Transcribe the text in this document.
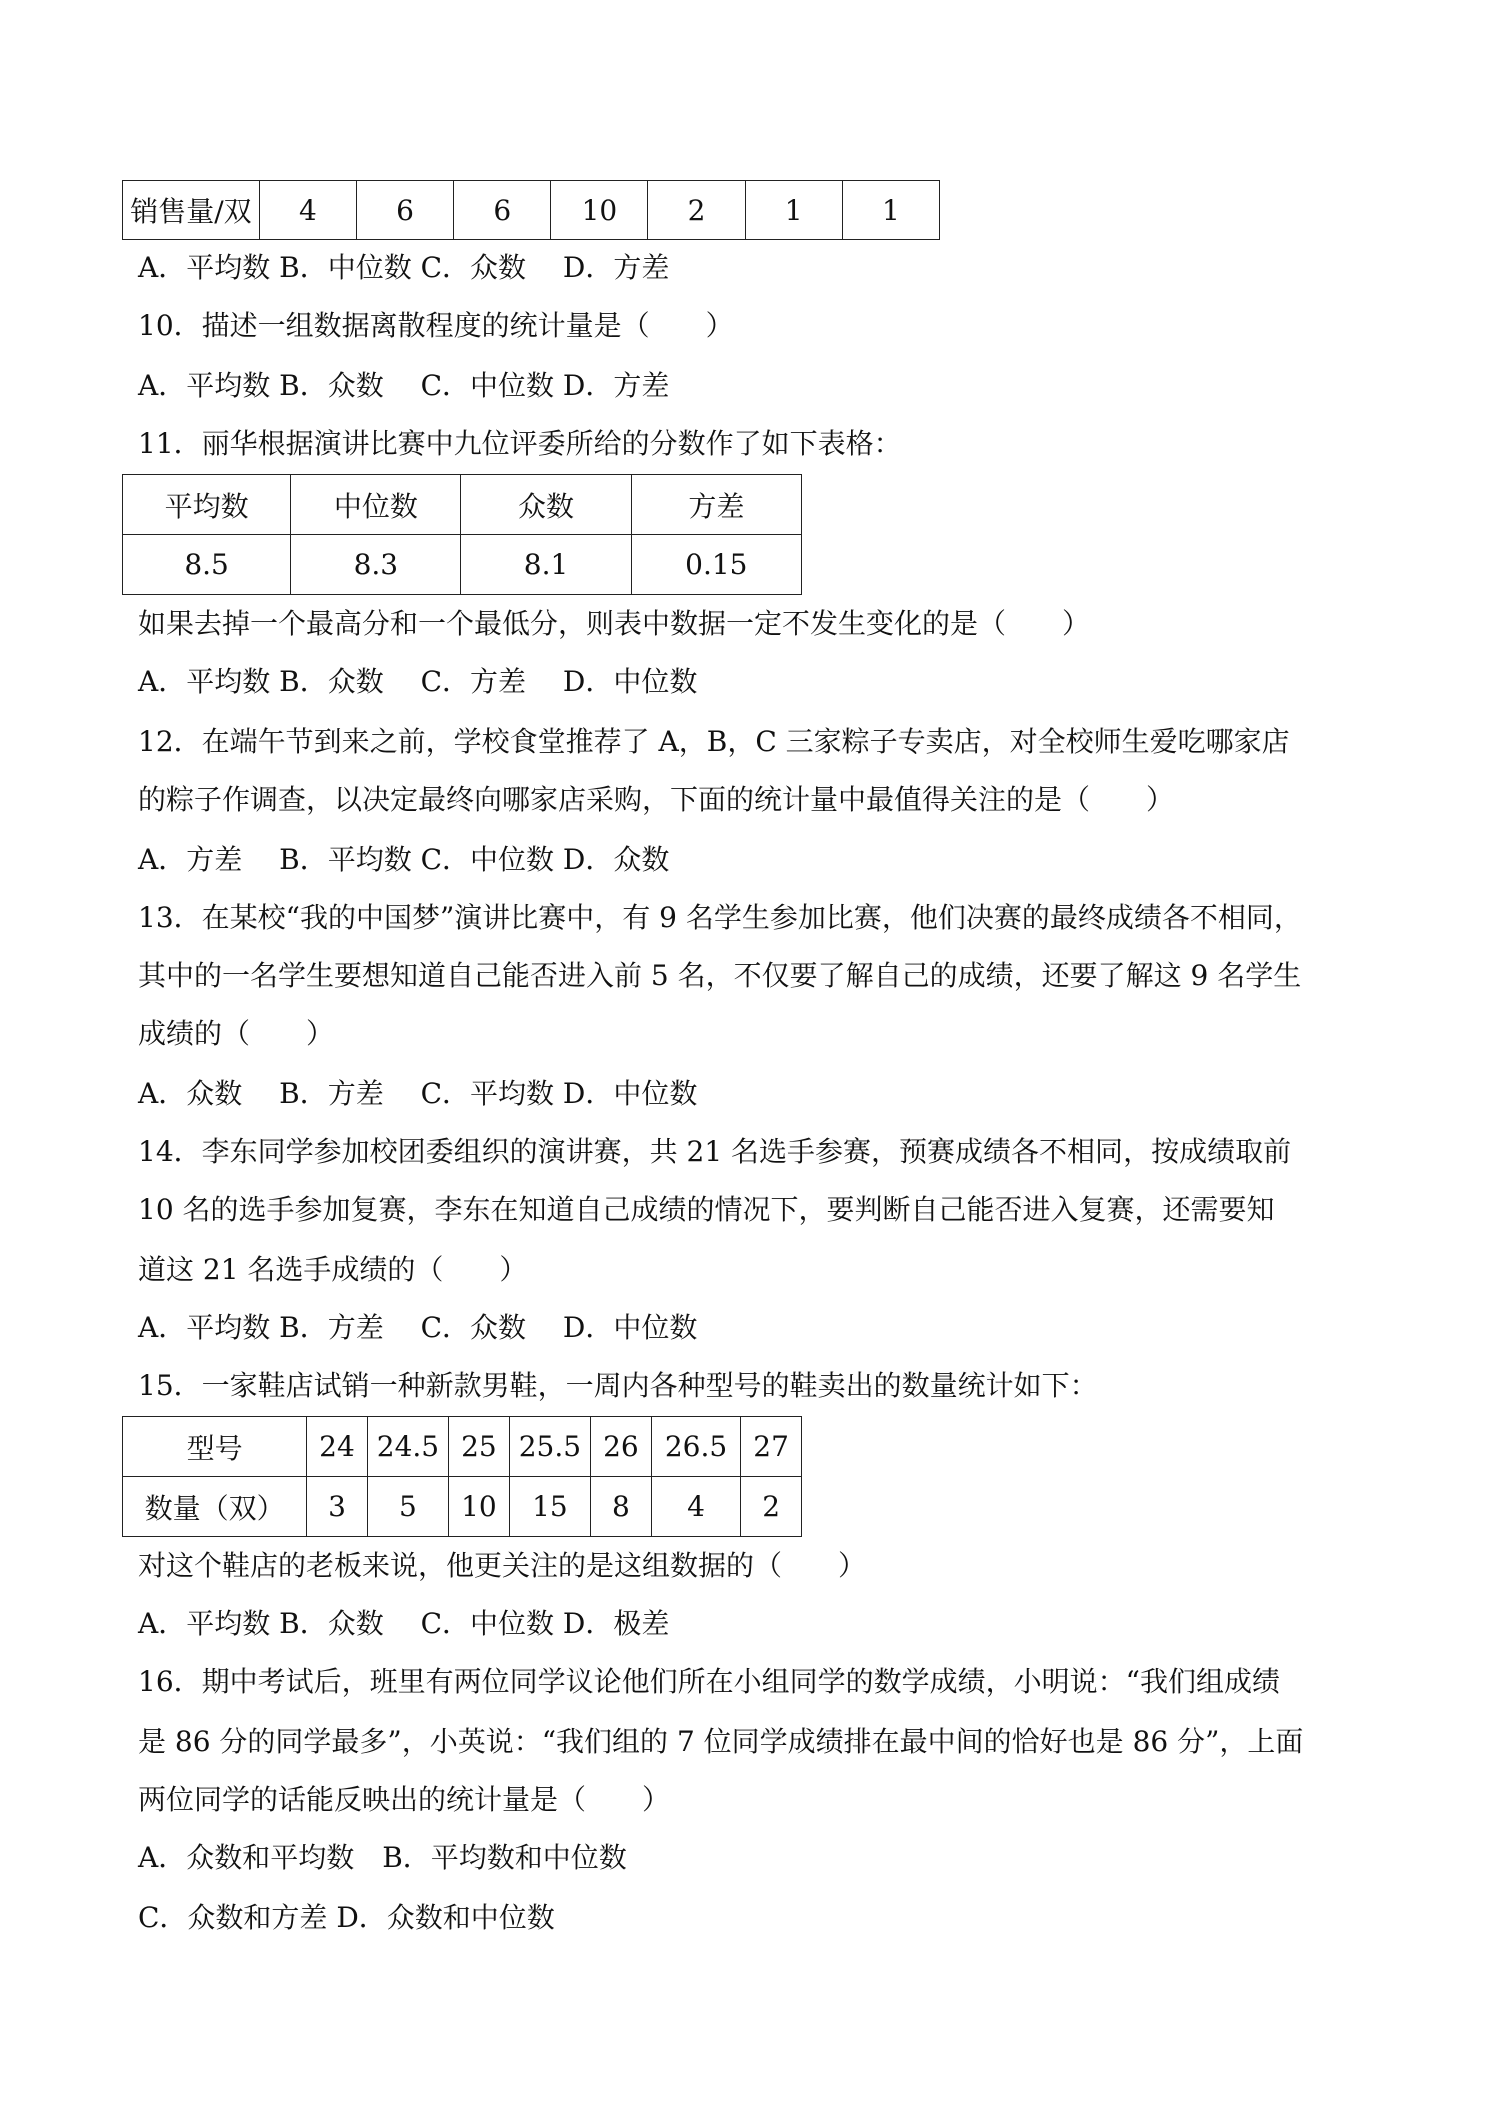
销售量/双	4	6	6	10	2	1	1

A．平均数 B．中位数 C．众数　 D．方差

10．描述一组数据离散程度的统计量是（　　）

A．平均数 B．众数　 C．中位数 D．方差

11．丽华根据演讲比赛中九位评委所给的分数作了如下表格：

平均数	中位数	众数	方差
8.5	8.3	8.1	0.15

如果去掉一个最高分和一个最低分，则表中数据一定不发生变化的是（　　）

A．平均数 B．众数　 C．方差　 D．中位数

12．在端午节到来之前，学校食堂推荐了 A，B，C 三家粽子专卖店，对全校师生爱吃哪家店

的粽子作调查，以决定最终向哪家店采购，下面的统计量中最值得关注的是（　　）

A．方差　 B．平均数 C．中位数 D．众数

13．在某校“我的中国梦”演讲比赛中，有 9 名学生参加比赛，他们决赛的最终成绩各不相同，

其中的一名学生要想知道自己能否进入前 5 名，不仅要了解自己的成绩，还要了解这 9 名学生

成绩的（　　）

A．众数　 B．方差　 C．平均数 D．中位数

14．李东同学参加校团委组织的演讲赛，共 21 名选手参赛，预赛成绩各不相同，按成绩取前

10 名的选手参加复赛，李东在知道自己成绩的情况下，要判断自己能否进入复赛，还需要知

道这 21 名选手成绩的（　　）

A．平均数 B．方差　 C．众数　 D．中位数

15．一家鞋店试销一种新款男鞋，一周内各种型号的鞋卖出的数量统计如下：

型号	24	24.5	25	25.5	26	26.5	27
数量（双）	3	5	10	15	8	4	2

对这个鞋店的老板来说，他更关注的是这组数据的（　　）

A．平均数 B．众数　 C．中位数 D．极差

16．期中考试后，班里有两位同学议论他们所在小组同学的数学成绩，小明说：“我们组成绩

是 86 分的同学最多”，小英说：“我们组的 7 位同学成绩排在最中间的恰好也是 86 分”，上面

两位同学的话能反映出的统计量是（　　）

A．众数和平均数　B．平均数和中位数

C．众数和方差 D．众数和中位数
